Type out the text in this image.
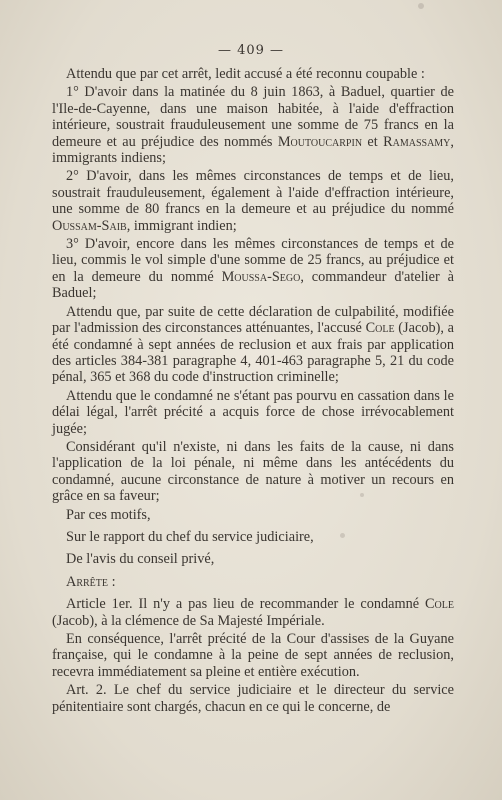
— 409 —

Attendu que par cet arrêt, ledit accusé a été reconnu coupable :

1° D'avoir dans la matinée du 8 juin 1863, à Baduel, quartier de l'Ile-de-Cayenne, dans une maison habitée, à l'aide d'effraction intérieure, soustrait frauduleusement une somme de 75 francs en la demeure et au préjudice des nommés Moutoucarpin et Ramassamy, immigrants indiens;

2° D'avoir, dans les mêmes circonstances de temps et de lieu, soustrait frauduleusement, également à l'aide d'effraction intérieure, une somme de 80 francs en la demeure et au préjudice du nommé Oussam-Saib, immigrant indien;

3° D'avoir, encore dans les mêmes circonstances de temps et de lieu, commis le vol simple d'une somme de 25 francs, au préjudice et en la demeure du nommé Moussa-Sego, commandeur d'atelier à Baduel;

Attendu que, par suite de cette déclaration de culpabilité, modifiée par l'admission des circonstances atténuantes, l'accusé Cole (Jacob), a été condamné à sept années de reclusion et aux frais par application des articles 384-381 paragraphe 4, 401-463 paragraphe 5, 21 du code pénal, 365 et 368 du code d'instruction criminelle;

Attendu que le condamné ne s'étant pas pourvu en cassation dans le délai légal, l'arrêt précité a acquis force de chose irrévocablement jugée;

Considérant qu'il n'existe, ni dans les faits de la cause, ni dans l'application de la loi pénale, ni même dans les antécédents du condamné, aucune circonstance de nature à motiver un recours en grâce en sa faveur;

Par ces motifs,

Sur le rapport du chef du service judiciaire,

De l'avis du conseil privé,

Arrête :

Article 1er. Il n'y a pas lieu de recommander le condamné Cole (Jacob), à la clémence de Sa Majesté Impériale.

En conséquence, l'arrêt précité de la Cour d'assises de la Guyane française, qui le condamne à la peine de sept années de reclusion, recevra immédiatement sa pleine et entière exécution.

Art. 2. Le chef du service judiciaire et le directeur du service pénitentiaire sont chargés, chacun en ce qui le concerne, de
